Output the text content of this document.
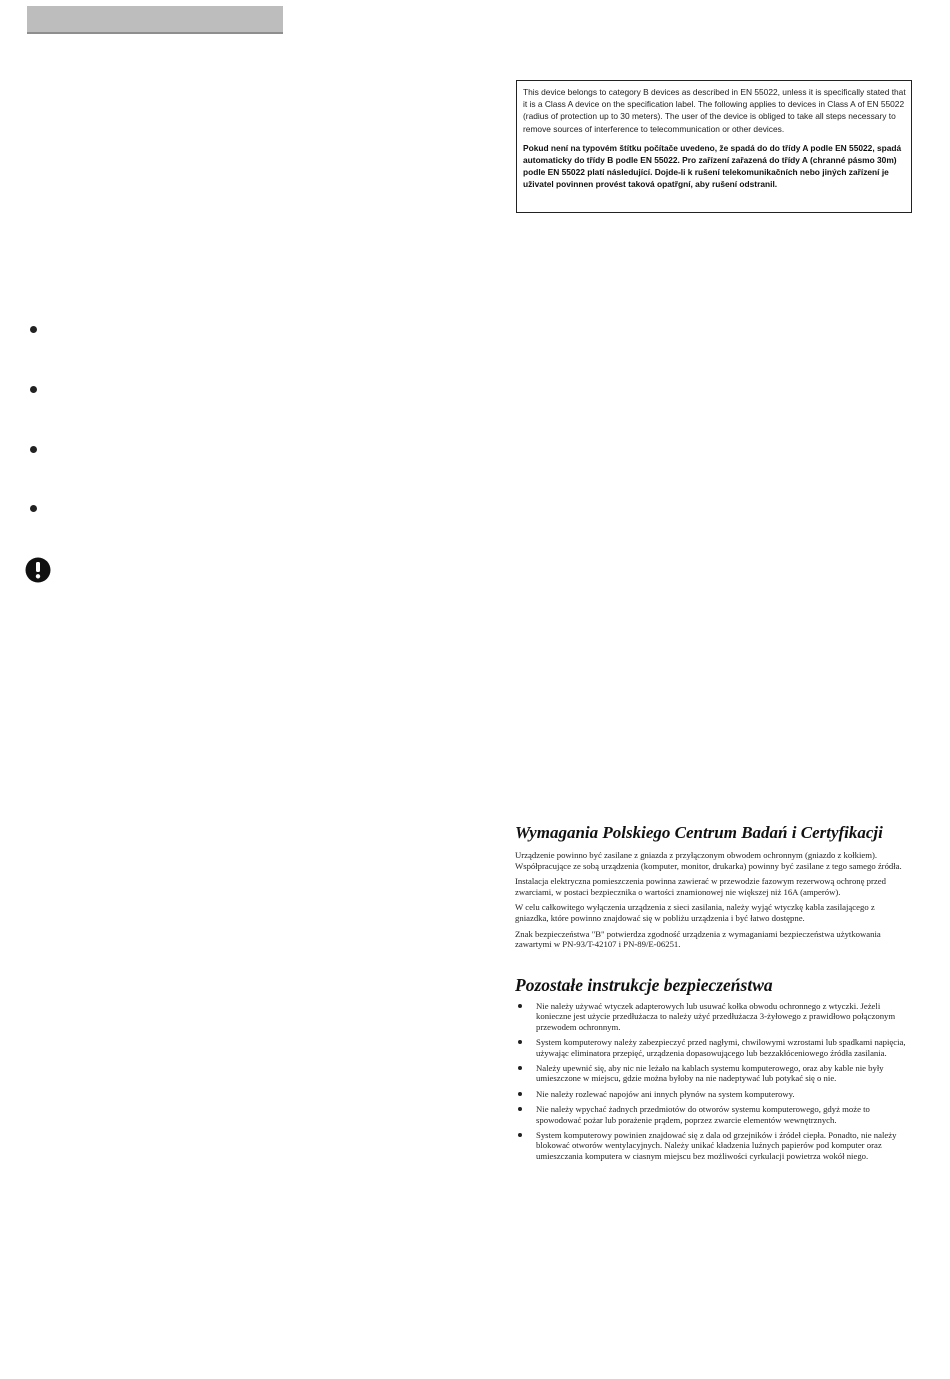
This device belongs to category B devices as described in EN 55022, unless it is specifically stated that it is a Class A device on the specification label. The following applies to devices in Class A of EN 55022 (radius of protection up to 30 meters). The user of the device is obliged to take all steps necessary to remove sources of interference to telecommunication or other devices.

Pokud není na typovém štítku počítače uvedeno, že spadá do do třídy A podle EN 55022, spadá automaticky do třídy B podle EN 55022. Pro zařízení zařazená do třídy A (chranné pásmo 30m) podle EN 55022 platí následující. Dojde-li k rušení telekomunikačních nebo jiných zařízení je uživatel povinnen provést taková opatřgní, aby rušení odstranil.

Wymagania Polskiego Centrum Badań i Certyfikacji

Urządzenie powinno być zasilane z gniazda z przyłączonym obwodem ochronnym (gniazdo z kołkiem). Współpracujące ze sobą urządzenia (komputer, monitor, drukarka) powinny być zasilane z tego samego źródła.

Instalacja elektryczna pomieszczenia powinna zawierać w przewodzie fazowym rezerwową ochronę przed zwarciami, w postaci bezpiecznika o wartości znamionowej nie większej niż 16A (amperów).

W celu całkowitego wyłączenia urządzenia z sieci zasilania, należy wyjąć wtyczkę kabla zasilającego z gniazdka, które powinno znajdować się w pobliżu urządzenia i być łatwo dostępne.

Znak bezpieczeństwa "B" potwierdza zgodność urządzenia z wymaganiami bezpieczeństwa użytkowania zawartymi w PN-93/T-42107 i PN-89/E-06251.

Pozostałe instrukcje bezpieczeństwa
Nie należy używać wtyczek adapterowych lub usuwać kołka obwodu ochronnego z wtyczki. Jeżeli konieczne jest użycie przedłużacza to należy użyć przedłużacza 3-żyłowego z prawidłowo połączonym przewodem ochronnym.
System komputerowy należy zabezpieczyć przed nagłymi, chwilowymi wzrostami lub spadkami napięcia, używając eliminatora przepięć, urządzenia dopasowującego lub bezzakłóceniowego źródła zasilania.
Należy upewnić się, aby nic nie leżało na kablach systemu komputerowego, oraz aby kable nie były umieszczone w miejscu, gdzie można byłoby na nie nadeptywać lub potykać się o nie.
Nie należy rozlewać napojów ani innych płynów na system komputerowy.
Nie należy wpychać żadnych przedmiotów do otworów systemu komputerowego, gdyż może to spowodować pożar lub porażenie prądem, poprzez zwarcie elementów wewnętrznych.
System komputerowy powinien znajdować się z dala od grzejników i źródeł ciepła. Ponadto, nie należy blokować otworów wentylacyjnych. Należy unikać kładzenia luźnych papierów pod komputer oraz umieszczania komputera w ciasnym miejscu bez możliwości cyrkulacji powietrza wokół niego.
